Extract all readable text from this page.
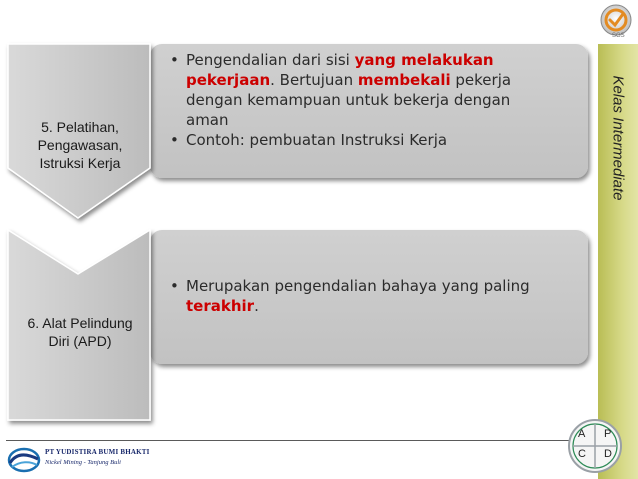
SGS
Kelas Intermediate
5. Pelatihan,
Pengawasan,
Istruksi Kerja
6. Alat Pelindung
Diri (APD)

• Pengendalian dari sisi yang melakukan pekerjaan. Bertujuan membekali pekerja dengan kemampuan untuk bekerja dengan aman

• Contoh: pembuatan Instruksi Kerja

• Merupakan pengendalian bahaya yang paling terakhir.

PT YUDISTIRA BUMI BHAKTI
Nickel Mining - Tanjung Buli
A P
C D
